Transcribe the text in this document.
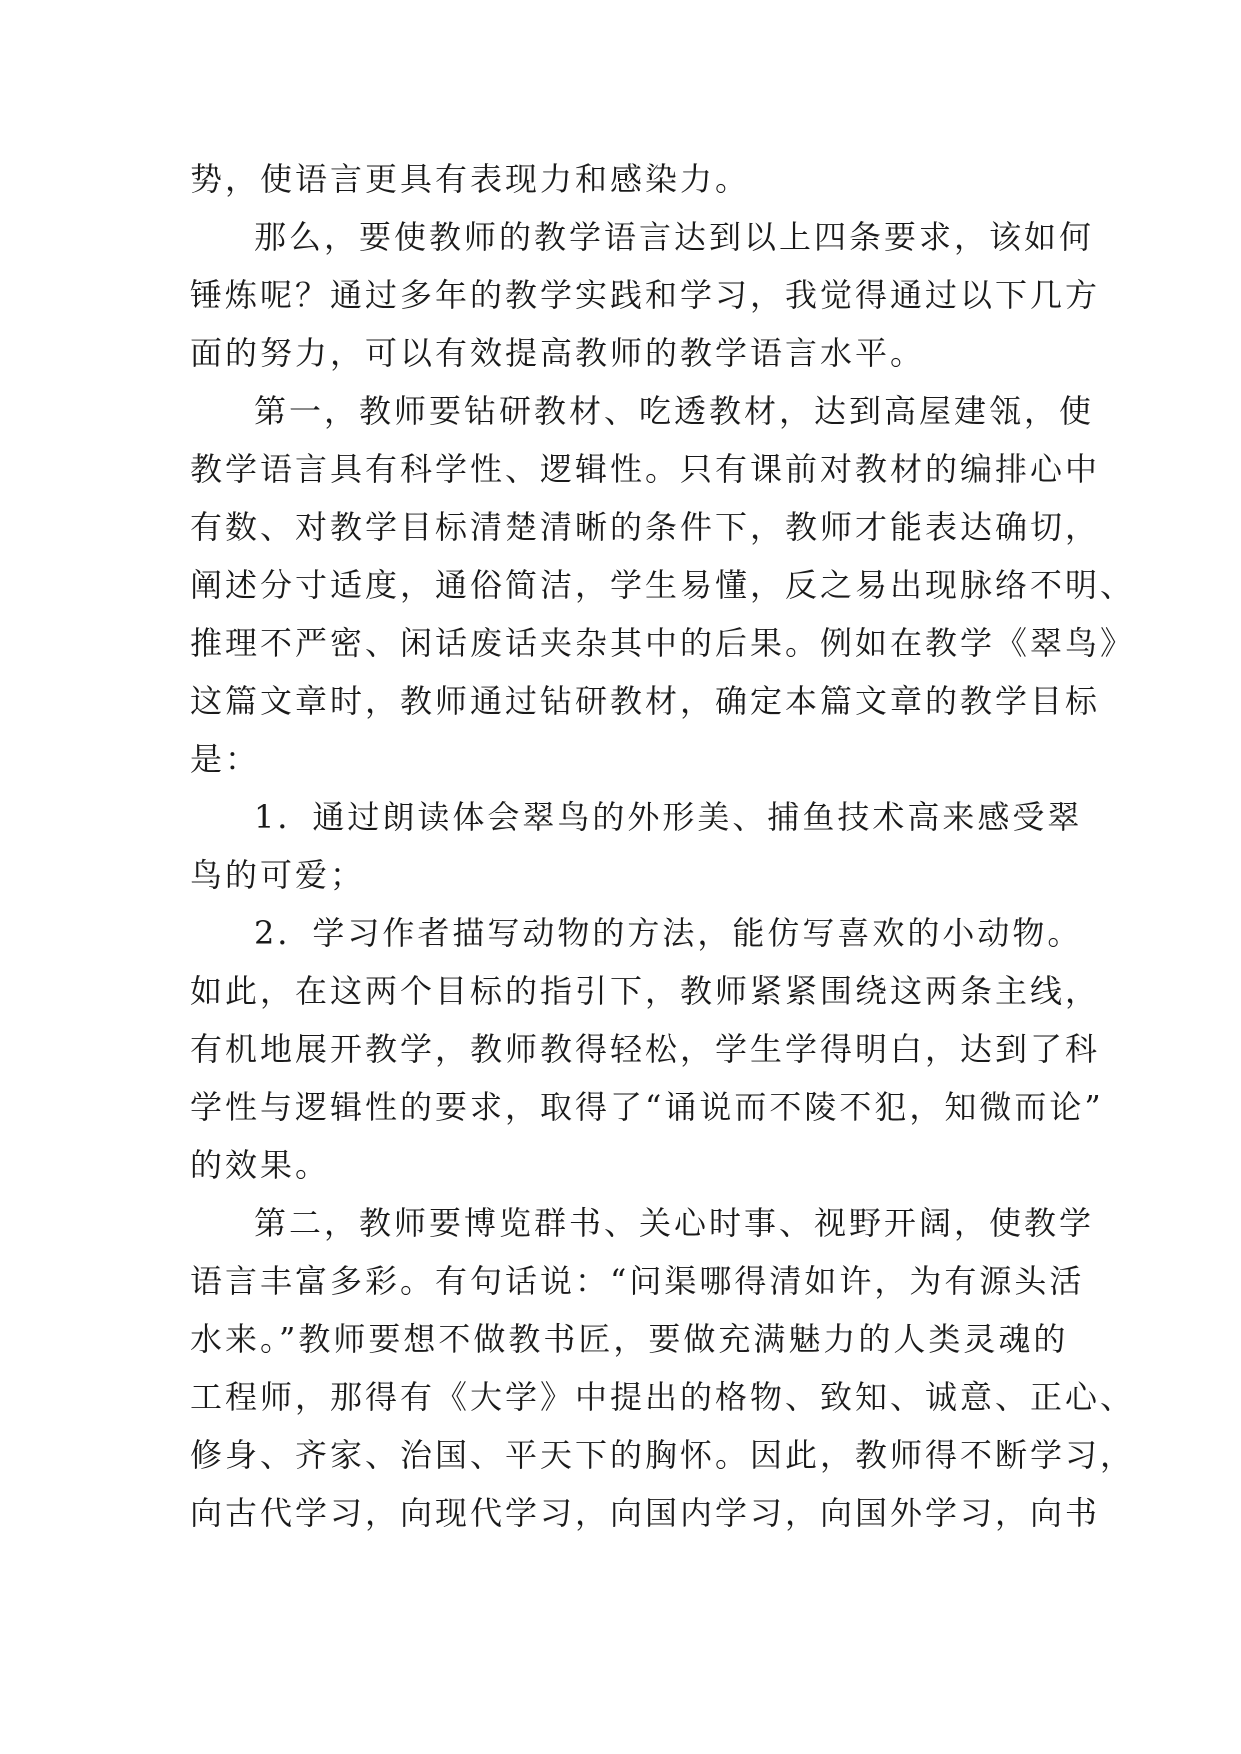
势，使语言更具有表现力和感染力。
那么，要使教师的教学语言达到以上四条要求，该如何
锤炼呢？通过多年的教学实践和学习，我觉得通过以下几方
面的努力，可以有效提高教师的教学语言水平。
第一，教师要钻研教材、吃透教材，达到高屋建瓴，使
教学语言具有科学性、逻辑性。只有课前对教材的编排心中
有数、对教学目标清楚清晰的条件下，教师才能表达确切，
阐述分寸适度，通俗简洁，学生易懂，反之易出现脉络不明、
推理不严密、闲话废话夹杂其中的后果。例如在教学《翠鸟》
这篇文章时，教师通过钻研教材，确定本篇文章的教学目标
是：
1．通过朗读体会翠鸟的外形美、捕鱼技术高来感受翠
鸟的可爱；
2．学习作者描写动物的方法，能仿写喜欢的小动物。
如此，在这两个目标的指引下，教师紧紧围绕这两条主线，
有机地展开教学，教师教得轻松，学生学得明白，达到了科
学性与逻辑性的要求，取得了“诵说而不陵不犯，知微而论”
的效果。
第二，教师要博览群书、关心时事、视野开阔，使教学
语言丰富多彩。有句话说：“问渠哪得清如许，为有源头活
水来。”教师要想不做教书匠，要做充满魅力的人类灵魂的
工程师，那得有《大学》中提出的格物、致知、诚意、正心、
修身、齐家、治国、平天下的胸怀。因此，教师得不断学习，
向古代学习，向现代学习，向国内学习，向国外学习，向书
